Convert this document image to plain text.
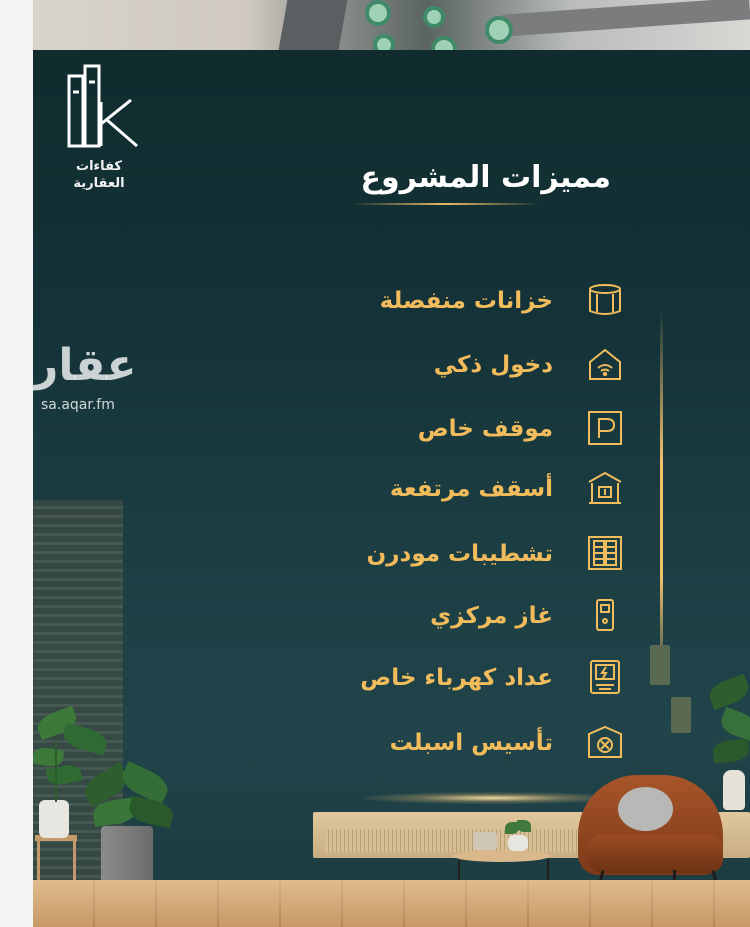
كفاءات
العقارية	مميزات المشروع
عقار
sa.aqar.fm
خزانات منفصلة
دخول ذكي
موقف خاص
أسقف مرتفعة
تشطيبات مودرن
غاز مركزي
عداد كهرباء خاص
تأسيس اسبلت
